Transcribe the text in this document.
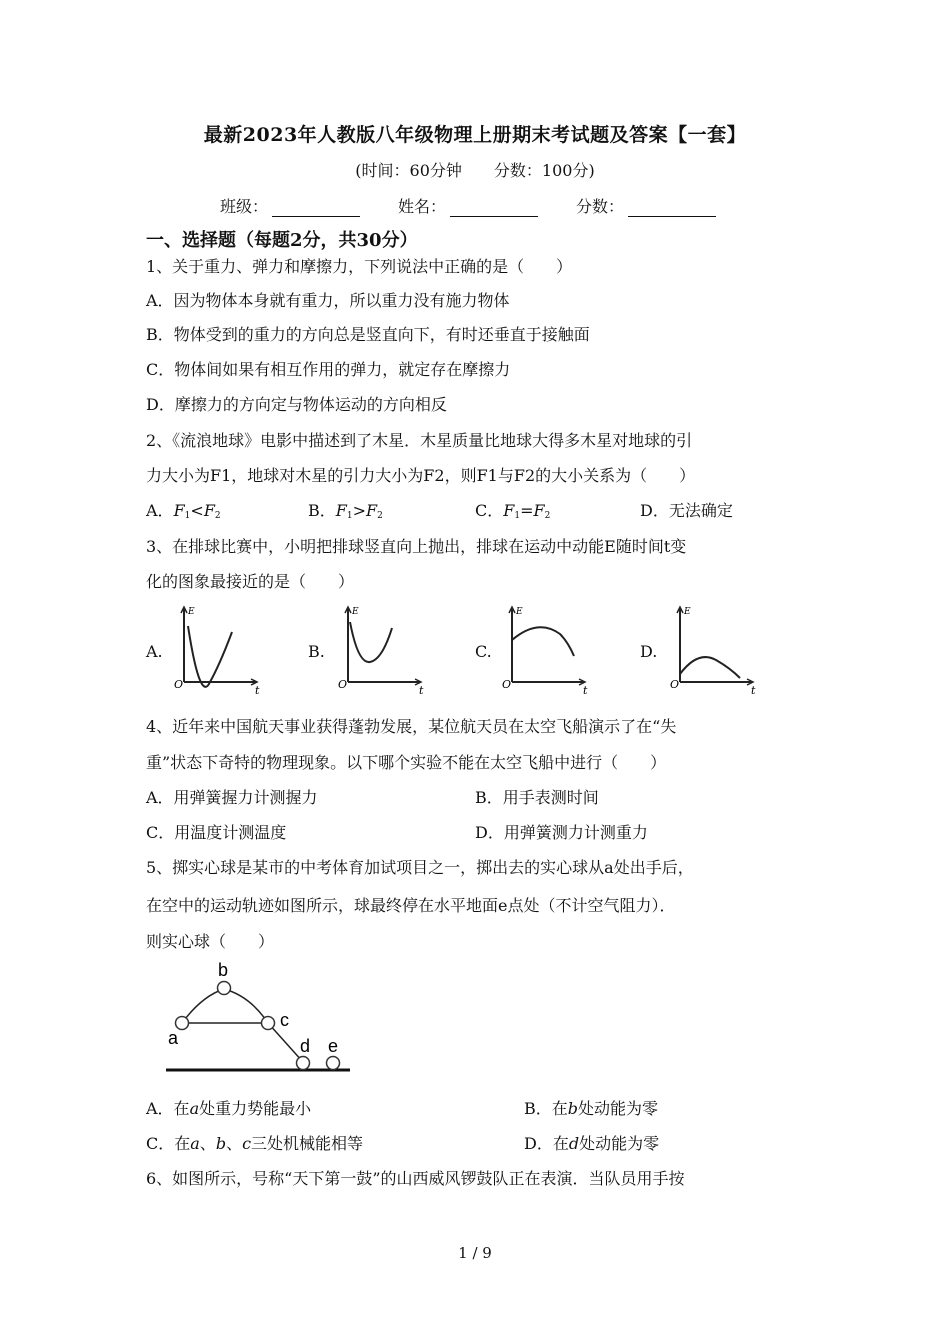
最新2023年人教版八年级物理上册期末考试题及答案【一套】
(时间：60分钟　　分数：100分)
班级：	姓名：	分数：
一、选择题（每题2分，共30分）
1、关于重力、弹力和摩擦力，下列说法中正确的是（　　）
A．因为物体本身就有重力，所以重力没有施力物体
B．物体受到的重力的方向总是竖直向下，有时还垂直于接触面
C．物体间如果有相互作用的弹力，就定存在摩擦力
D．摩擦力的方向定与物体运动的方向相反
2、《流浪地球》电影中描述到了木星．木星质量比地球大得多木星对地球的引
力大小为F1，地球对木星的引力大小为F2，则F1与F2的大小关系为（　　）
A．$F_1<F_2$	B．$F_1>F_2$	C．$F_1=F_2$	D．无法确定
3、在排球比赛中，小明把排球竖直向上抛出，排球在运动中动能E随时间t变
化的图象最接近的是（　　）
A.
E
t
O
B.
E
t
O
C.
E
t
O
D.
E
t
O
4、近年来中国航天事业获得蓬勃发展，某位航天员在太空飞船演示了在“失
重”状态下奇特的物理现象。以下哪个实验不能在太空飞船中进行（　　）
A．用弹簧握力计测握力	B．用手表测时间
C．用温度计测温度	D．用弹簧测力计测重力
5、掷实心球是某市的中考体育加试项目之一，掷出去的实心球从a处出手后，
在空中的运动轨迹如图所示，球最终停在水平地面e点处（不计空气阻力）．
则实心球（　　）
a
b
c
d e
A．在a处重力势能最小	B．在b处动能为零
C．在a、b、c三处机械能相等	D．在d处动能为零
6、如图所示，号称“天下第一鼓”的山西威风锣鼓队正在表演．当队员用手按
1 / 9
